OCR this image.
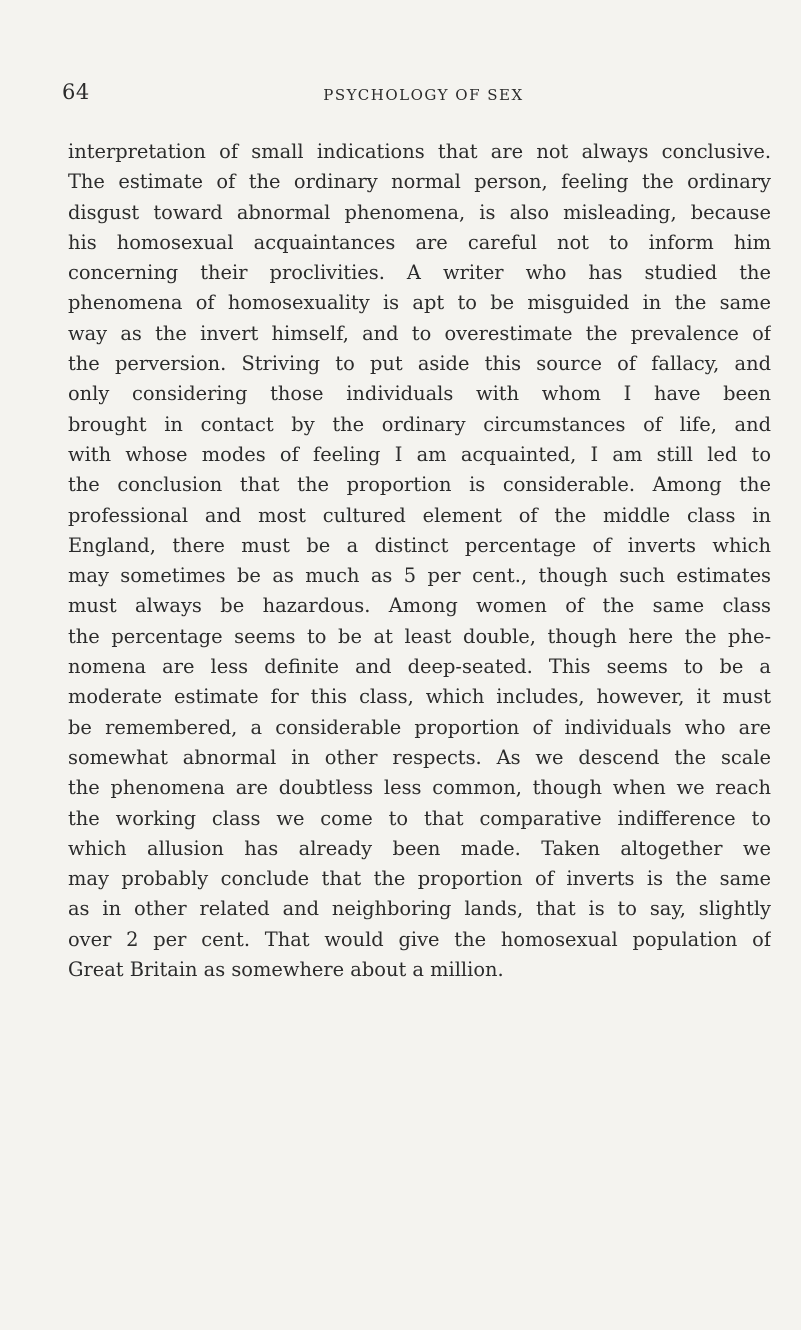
64	PSYCHOLOGY OF SEX

interpretation of small indications that are not always conclusive.
The estimate of the ordinary normal person, feeling the ordinary
disgust toward abnormal phenomena, is also misleading, because
his homosexual acquaintances are careful not to inform him
concerning their proclivities. A writer who has studied the
phenomena of homosexuality is apt to be misguided in the same
way as the invert himself, and to overestimate the prevalence of
the perversion. Striving to put aside this source of fallacy, and
only considering those individuals with whom I have been
brought in contact by the ordinary circumstances of life, and
with whose modes of feeling I am acquainted, I am still led to
the conclusion that the proportion is considerable. Among the
professional and most cultured element of the middle class in
England, there must be a distinct percentage of inverts which
may sometimes be as much as 5 per cent., though such estimates
must always be hazardous. Among women of the same class
the percentage seems to be at least double, though here the phe-
nomena are less definite and deep-seated. This seems to be a
moderate estimate for this class, which includes, however, it must
be remembered, a considerable proportion of individuals who are
somewhat abnormal in other respects. As we descend the scale
the phenomena are doubtless less common, though when we reach
the working class we come to that comparative indifference to
which allusion has already been made. Taken altogether we
may probably conclude that the proportion of inverts is the same
as in other related and neighboring lands, that is to say, slightly
over 2 per cent. That would give the homosexual population of
Great Britain as somewhere about a million.
